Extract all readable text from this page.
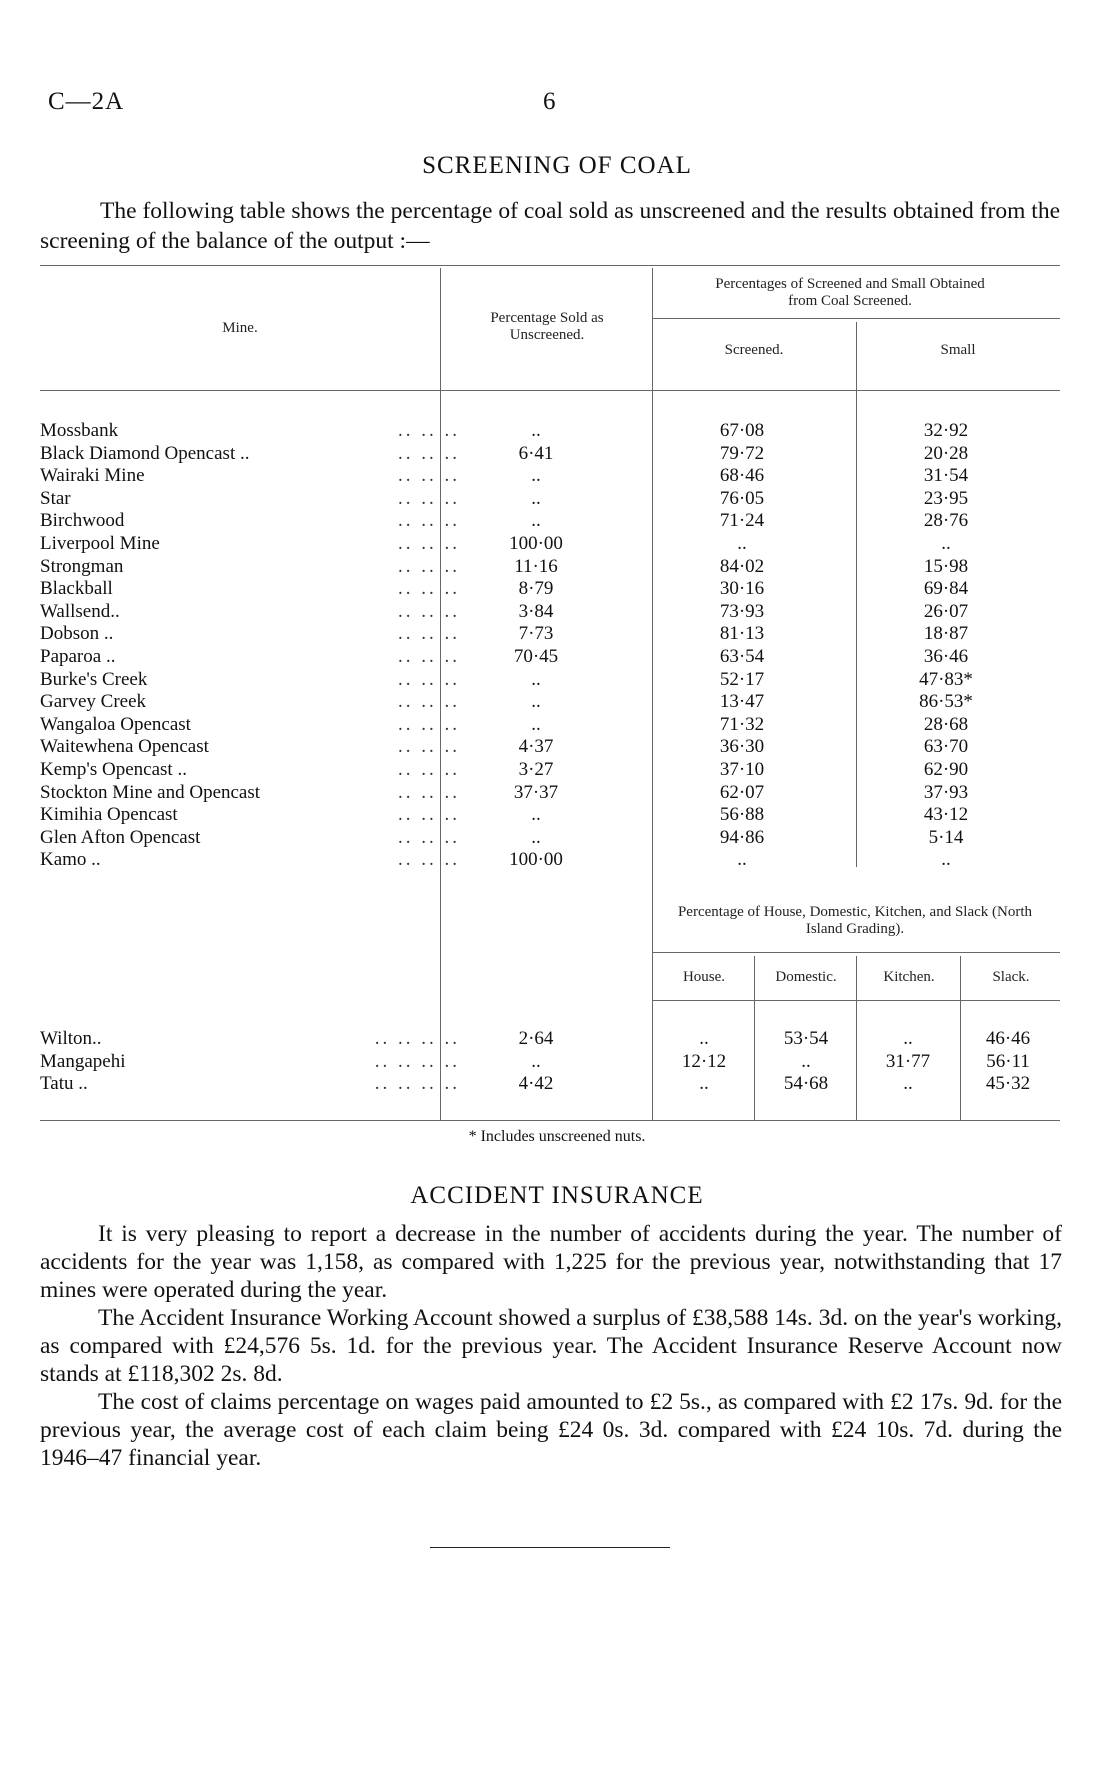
C—2A	6
SCREENING OF COAL

The following table shows the percentage of coal sold as unscreened and the results obtained from the screening of the balance of the output :—

Mine.
Percentage Sold as Unscreened.
Percentages of Screened and Small Obtained from Coal Screened.
Screened.	Small
Percentage of House, Domestic, Kitchen, and Slack (North Island Grading).
House.	Domestic.	Kitchen.	Slack.
Mossbank	.. .. ..	..	67·08	32·92
Black Diamond Opencast ..	.. .. ..	6·41	79·72	20·28
Wairaki Mine	.. .. ..	..	68·46	31·54
Star	.. .. ..	..	76·05	23·95
Birchwood	.. .. ..	..	71·24	28·76
Liverpool Mine	.. .. ..	100·00	..	..
Strongman	.. .. ..	11·16	84·02	15·98
Blackball	.. .. ..	8·79	30·16	69·84
Wallsend..	.. .. ..	3·84	73·93	26·07
Dobson ..	.. .. ..	7·73	81·13	18·87
Paparoa ..	.. .. ..	70·45	63·54	36·46
Burke's Creek	.. .. ..	..	52·17	47·83*
Garvey Creek	.. .. ..	..	13·47	86·53*
Wangaloa Opencast	.. .. ..	..	71·32	28·68
Waitewhena Opencast	.. .. ..	4·37	36·30	63·70
Kemp's Opencast ..	.. .. ..	3·27	37·10	62·90
Stockton Mine and Opencast	.. .. ..	37·37	62·07	37·93
Kimihia Opencast	.. .. ..	..	56·88	43·12
Glen Afton Opencast	.. .. ..	..	94·86	5·14
Kamo ..	.. .. ..	100·00	..	..
Wilton..	.. .. .. ..	2·64	..	53·54	..	46·46
Mangapehi	.. .. .. ..	..	12·12	..	31·77	56·11
Tatu ..	.. .. .. ..	4·42	..	54·68	..	45·32
* Includes unscreened nuts.
ACCIDENT INSURANCE

It is very pleasing to report a decrease in the number of accidents during the year. The number of accidents for the year was 1,158, as compared with 1,225 for the previous year, notwithstanding that 17 mines were operated during the year.

The Accident Insurance Working Account showed a surplus of £38,588 14s. 3d. on the year's working, as compared with £24,576 5s. 1d. for the previous year. The Accident Insurance Reserve Account now stands at £118,302 2s. 8d.

The cost of claims percentage on wages paid amounted to £2 5s., as compared with £2 17s. 9d. for the previous year, the average cost of each claim being £24 0s. 3d. compared with £24 10s. 7d. during the 1946–47 financial year.
